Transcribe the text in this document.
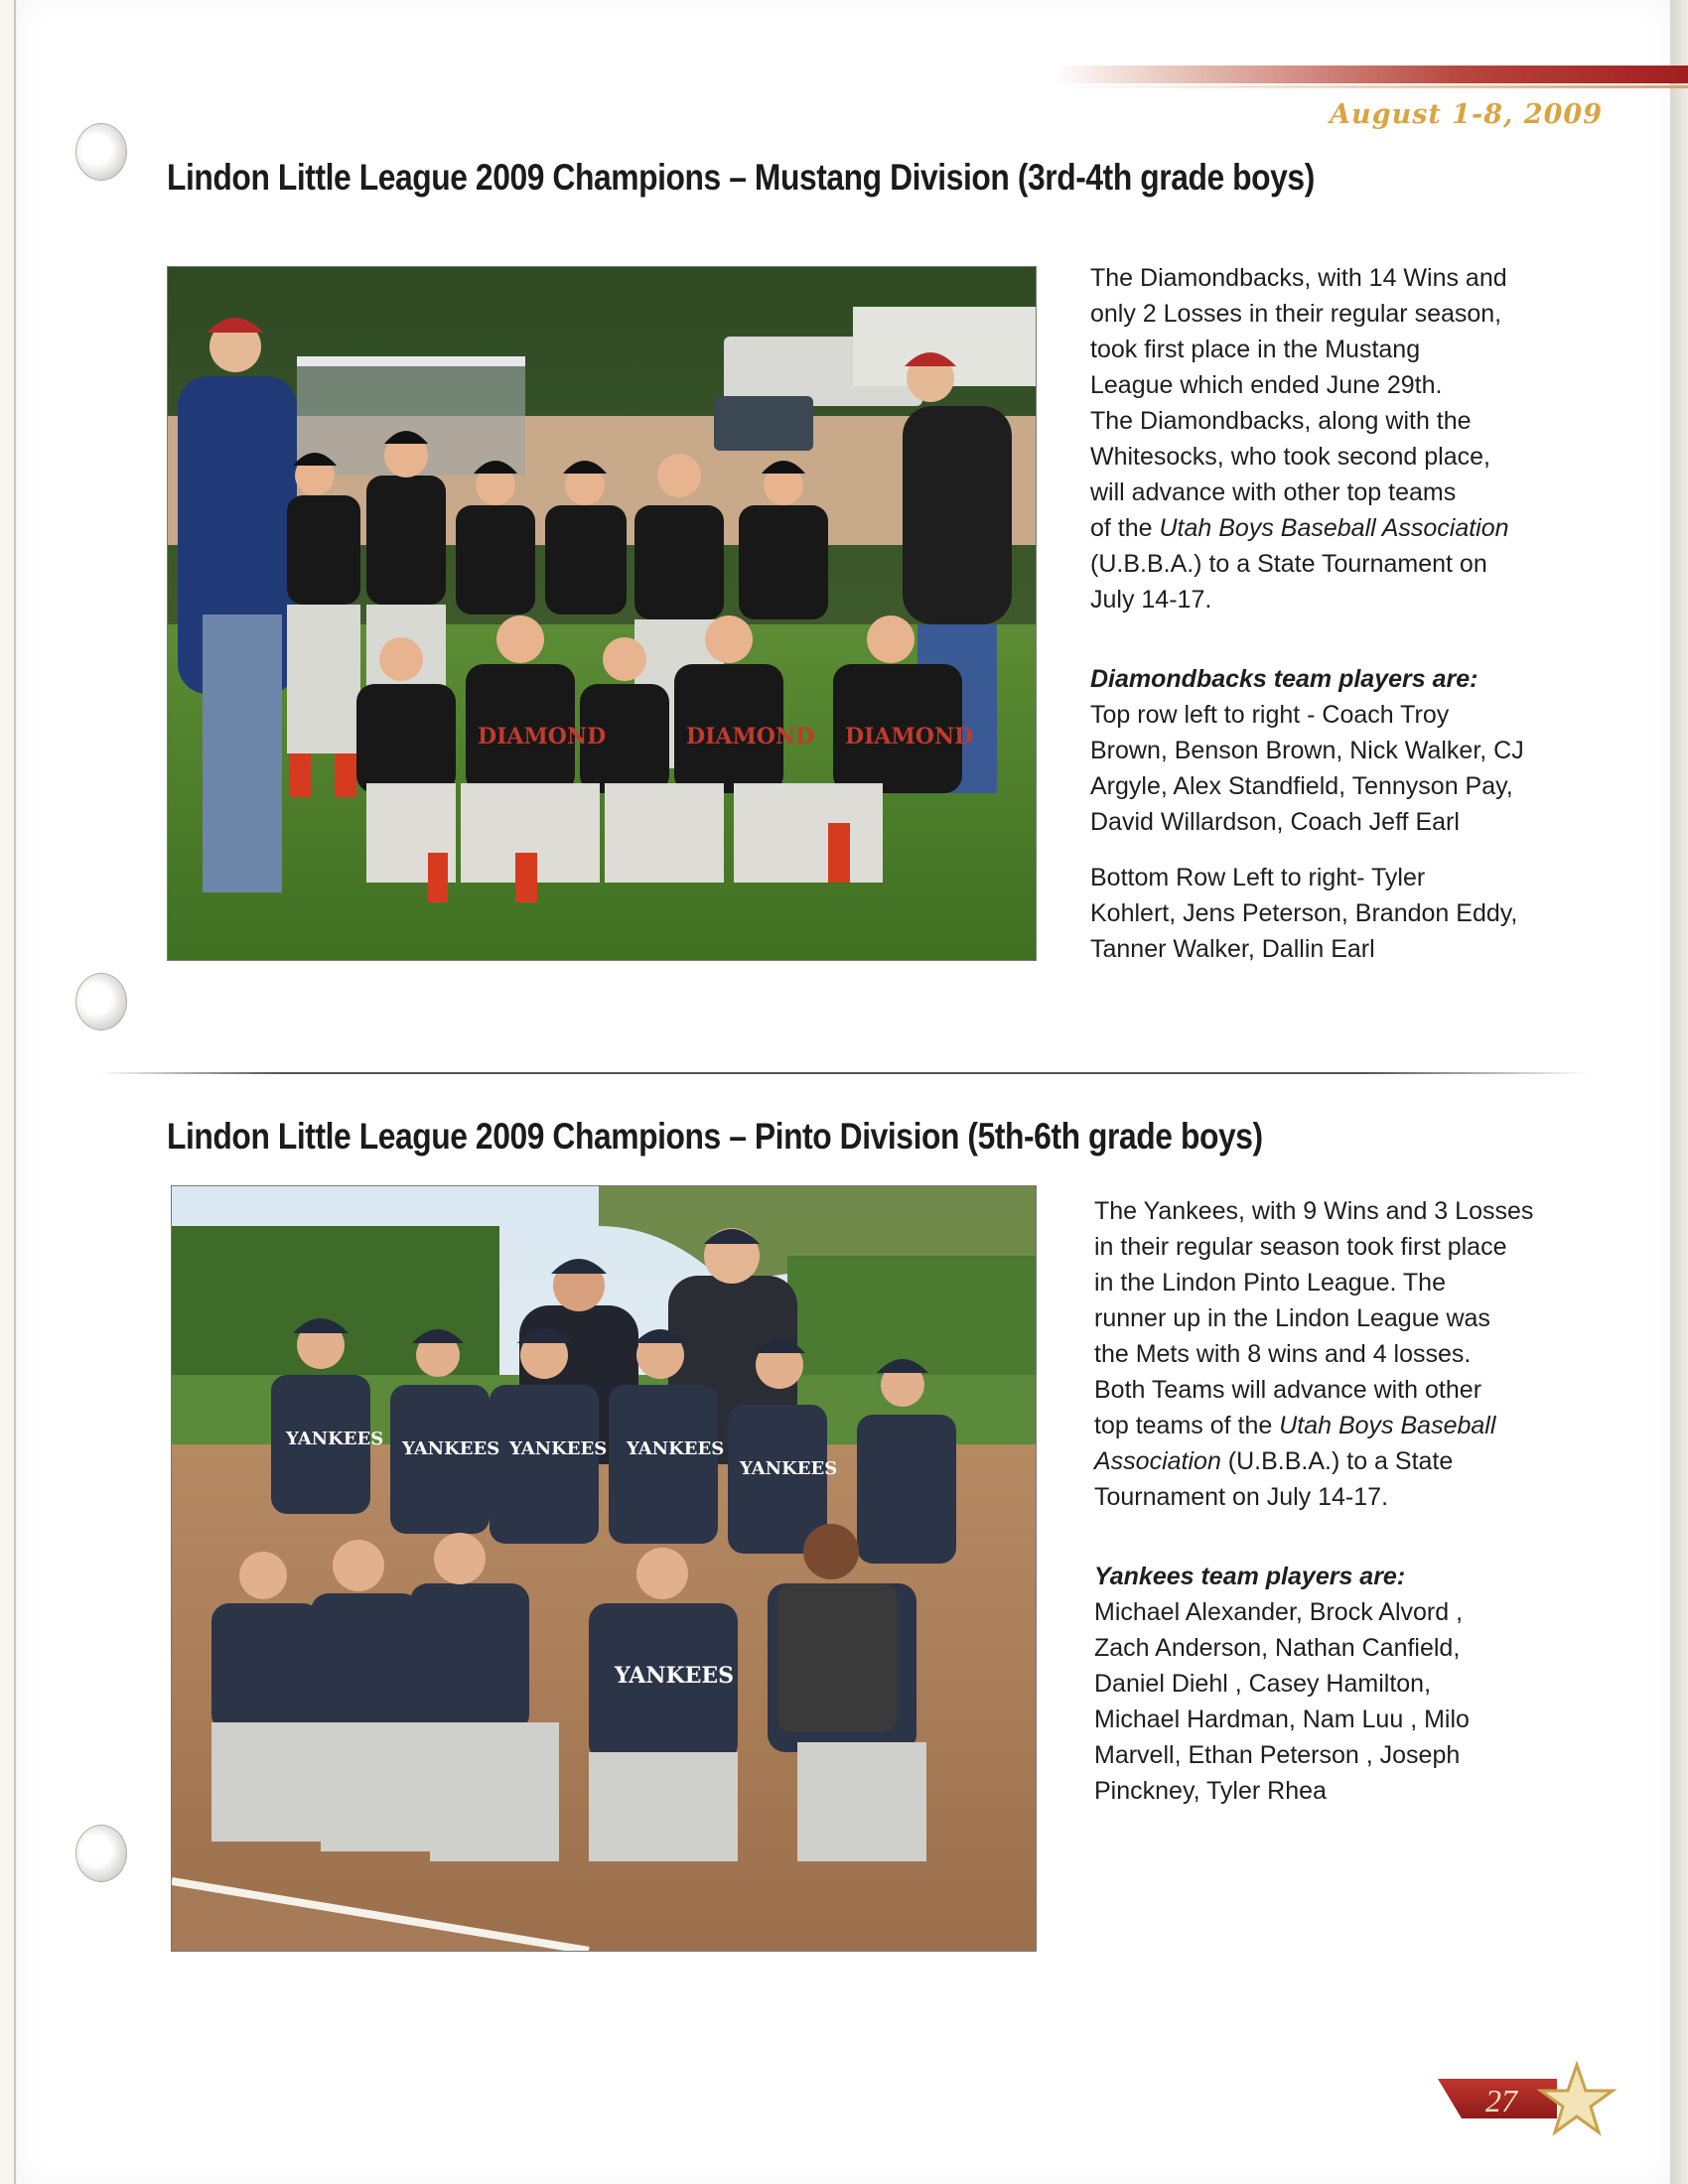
August 1-8, 2009
Lindon Little League 2009 Champions – Mustang Division (3rd-4th grade boys)
DIAMOND	DIAMOND DIAMOND

The Diamondbacks, with 14 Wins and
only 2 Losses in their regular season,
took first place in the Mustang
League which ended June 29th.
The Diamondbacks, along with the
Whitesocks, who took second place,
will advance with other top teams
of the Utah Boys Baseball Association
(U.B.B.A.) to a State Tournament on
July 14-17.

Diamondbacks team players are:
Top row left to right - Coach Troy
Brown, Benson Brown, Nick Walker, CJ
Argyle, Alex Standfield, Tennyson Pay,
David Willardson, Coach Jeff Earl

Bottom Row Left to right- Tyler
Kohlert, Jens Peterson, Brandon Eddy,
Tanner Walker, Dallin Earl

Lindon Little League 2009 Champions – Pinto Division (5th-6th grade boys)
YANKEES YANKEES YANKEES YANKEES
YANKEES
YANKEES

The Yankees, with 9 Wins and 3 Losses
in their regular season took first place
in the Lindon Pinto League. The
runner up in the Lindon League was
the Mets with 8 wins and 4 losses.
Both Teams will advance with other
top teams of the Utah Boys Baseball
Association (U.B.B.A.) to a State
Tournament on July 14-17.

Yankees team players are:
Michael Alexander, Brock Alvord ,
Zach Anderson, Nathan Canfield,
Daniel Diehl , Casey Hamilton,
Michael Hardman, Nam Luu , Milo
Marvell, Ethan Peterson , Joseph
Pinckney, Tyler Rhea

27
